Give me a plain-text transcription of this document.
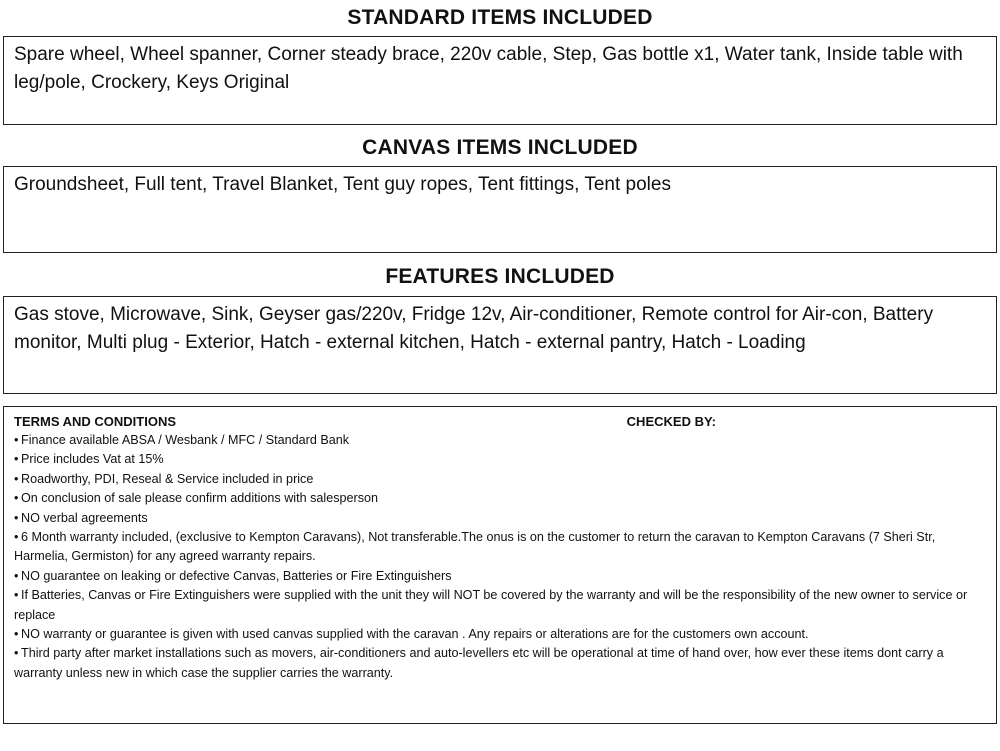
STANDARD ITEMS INCLUDED
Spare wheel, Wheel spanner, Corner steady brace, 220v cable, Step, Gas bottle x1, Water tank, Inside table with leg/pole, Crockery, Keys Original
CANVAS ITEMS INCLUDED
Groundsheet, Full tent, Travel Blanket, Tent guy ropes, Tent fittings, Tent poles
FEATURES INCLUDED
Gas stove, Microwave, Sink, Geyser gas/220v, Fridge 12v, Air-conditioner, Remote control for Air-con, Battery monitor, Multi plug - Exterior, Hatch - external kitchen, Hatch - external pantry, Hatch - Loading
TERMS AND CONDITIONS	CHECKED BY:

• Finance available ABSA / Wesbank / MFC / Standard Bank

• Price includes Vat at 15%

• Roadworthy, PDI, Reseal & Service included in price

• On conclusion of sale please confirm additions with salesperson

• NO verbal agreements

• 6 Month warranty included, (exclusive to Kempton Caravans), Not transferable.The onus is on the customer to return the caravan to Kempton Caravans (7 Sheri Str, Harmelia, Germiston) for any agreed warranty repairs.

• NO guarantee on leaking or defective Canvas, Batteries or Fire Extinguishers

• If Batteries, Canvas or Fire Extinguishers were supplied with the unit they will NOT be covered by the warranty and will be the responsibility of the new owner to service or replace

• NO warranty or guarantee is given with used canvas supplied with the caravan . Any repairs or alterations are for the customers own account.

• Third party after market installations such as movers, air-conditioners and auto-levellers etc will be operational at time of hand over, how ever these items dont carry a warranty unless new in which case the supplier carries the warranty.
